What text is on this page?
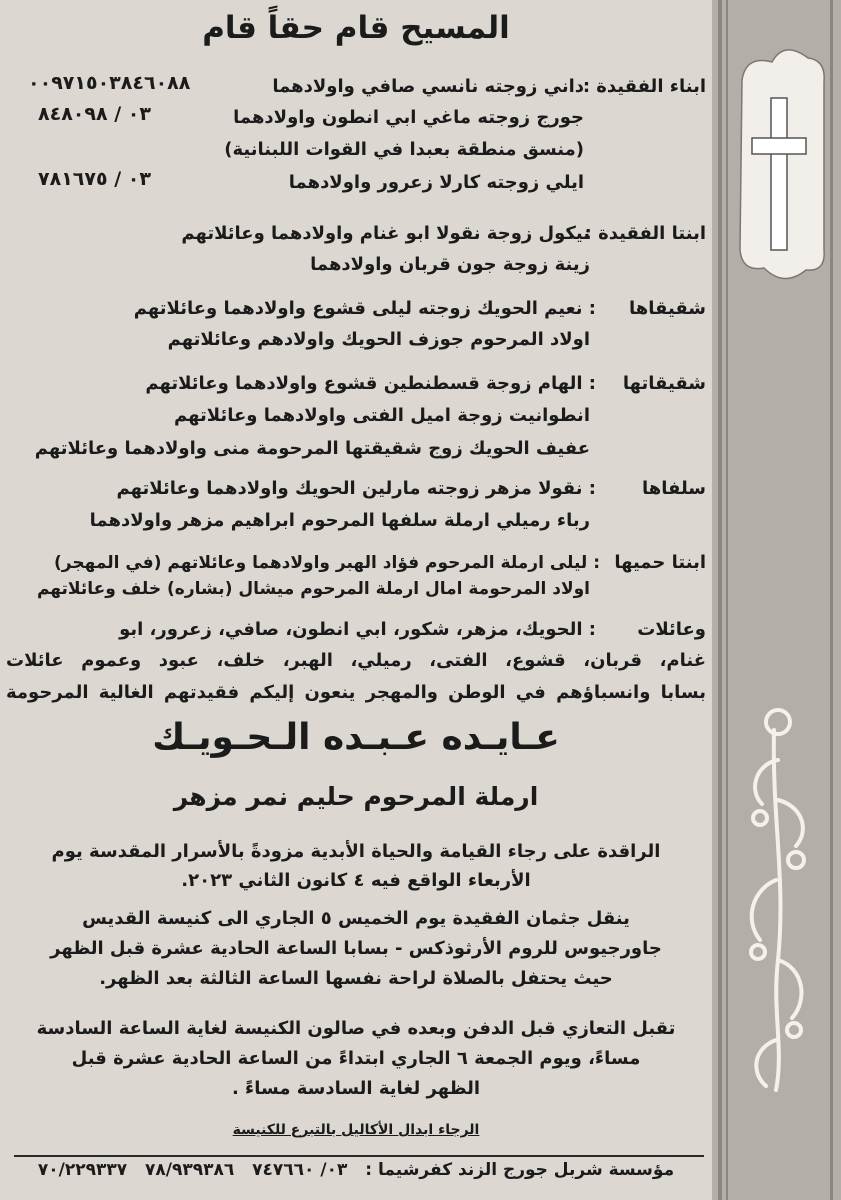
المسيح قام حقاً قام
ابناء الفقيدة :
داني زوجته نانسي صافي واولادهما
٠٠٩٧١٥٠٣٨٤٦٠٨٨
جورج زوجته ماغي ابي انطون واولادهما
٠٣ / ٨٤٨٠٩٨
(منسق منطقة بعبدا في القوات اللبنانية)
ايلي زوجته كارلا زعرور واولادهما
٠٣ / ٧٨١٦٧٥
ابنتا الفقيدة :
نيكول زوجة نقولا ابو غنام واولادهما وعائلاتهم
زينة زوجة جون قربان واولادهما
شقيقاها
: نعيم الحويك زوجته ليلى قشوع واولادهما وعائلاتهم
اولاد المرحوم جوزف الحويك واولادهم وعائلاتهم
شقيقاتها
: الهام زوجة قسطنطين قشوع واولادهما وعائلاتهم
انطوانيت زوجة اميل الفتى واولادهما وعائلاتهم
عفيف الحويك زوج شقيقتها المرحومة منى واولادهما وعائلاتهم
سلفاها
: نقولا مزهر زوجته مارلين الحويك واولادهما وعائلاتهم
رباء رميلي ارملة سلفها المرحوم ابراهيم مزهر واولادهما
ابنتا حميها
: ليلى ارملة المرحوم فؤاد الهبر واولادهما وعائلاتهم (في المهجر)
اولاد المرحومة امال ارملة المرحوم ميشال (بشاره) خلف وعائلاتهم
وعائلات
: الحويك، مزهر، شكور، ابي انطون، صافي، زعرور، ابو
غنام، قربان، قشوع، الفتى، رميلي، الهبر، خلف، عبود وعموم عائلات
بسابا وانسباؤهم في الوطن والمهجر ينعون إليكم فقيدتهم الغالية المرحومة
عـايـده عـبـده الـحـويـك
ارملة المرحوم حليم نمر مزهر
الراقدة على رجاء القيامة والحياة الأبدية مزودةً بالأسرار المقدسة يوم
الأربعاء الواقع فيه ٤ كانون الثاني ٢٠٢٣.
ينقل جثمان الفقيدة يوم الخميس ٥ الجاري الى كنيسة القديس
جاورجيوس للروم الأرثوذكس - بسابا الساعة الحادية عشرة قبل الظهر
حيث يحتفل بالصلاة لراحة نفسها الساعة الثالثة بعد الظهر.
تقبل التعازي قبل الدفن وبعده في صالون الكنيسة لغاية الساعة السادسة
مساءً، ويوم الجمعة ٦ الجاري ابتداءً من الساعة الحادية عشرة قبل
الظهر لغاية السادسة مساءً .
الرجاء ابدال الأكاليل بالتبرع للكنيسة
مؤسسة شربل جورج الزند كفرشيما : ٠٣/ ٧٤٧٦٦٠ ٧٨/٩٣٩٣٨٦ ٧٠/٢٢٩٣٣٧
